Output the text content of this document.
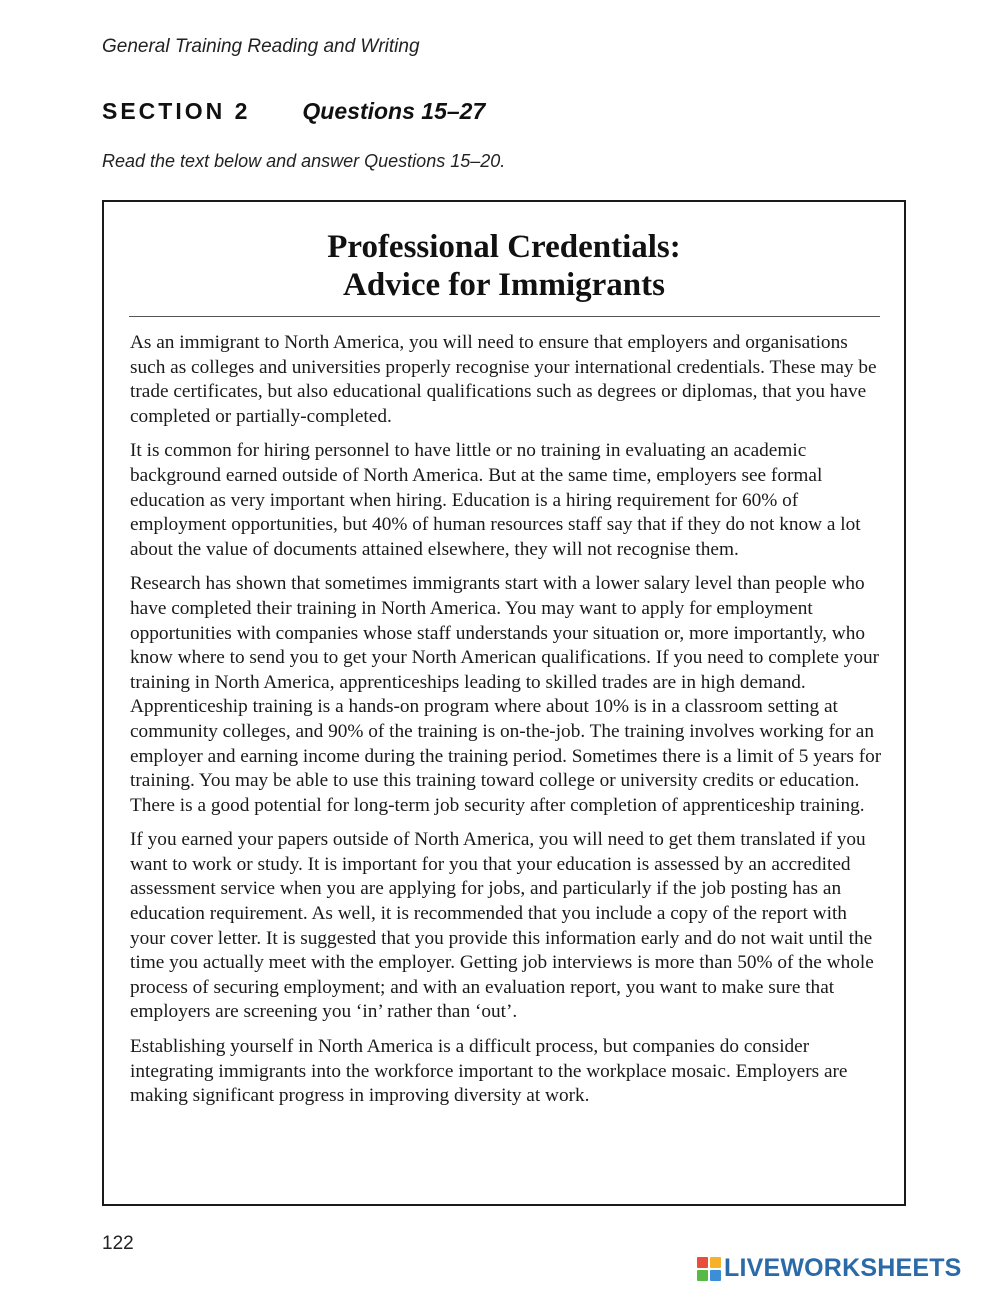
General Training Reading and Writing

SECTION 2 Questions 15–27

Read the text below and answer Questions 15–20.

Professional Credentials:
Advice for Immigrants

As an immigrant to North America, you will need to ensure that employers and organisations such as colleges and universities properly recognise your international credentials. These may be trade certificates, but also educational qualifications such as degrees or diplomas, that you have completed or partially-completed.

It is common for hiring personnel to have little or no training in evaluating an academic background earned outside of North America. But at the same time, employers see formal education as very important when hiring. Education is a hiring requirement for 60% of employment opportunities, but 40% of human resources staff say that if they do not know a lot about the value of documents attained elsewhere, they will not recognise them.

Research has shown that sometimes immigrants start with a lower salary level than people who have completed their training in North America. You may want to apply for employment opportunities with companies whose staff understands your situation or, more importantly, who know where to send you to get your North American qualifications. If you need to complete your training in North America, apprenticeships leading to skilled trades are in high demand. Apprenticeship training is a hands-on program where about 10% is in a classroom setting at community colleges, and 90% of the training is on-the-job. The training involves working for an employer and earning income during the training period. Sometimes there is a limit of 5 years for training. You may be able to use this training toward college or university credits or education. There is a good potential for long-term job security after completion of apprenticeship training.

If you earned your papers outside of North America, you will need to get them translated if you want to work or study. It is important for you that your education is assessed by an accredited assessment service when you are applying for jobs, and particularly if the job posting has an education requirement. As well, it is recommended that you include a copy of the report with your cover letter. It is suggested that you provide this information early and do not wait until the time you actually meet with the employer. Getting job interviews is more than 50% of the whole process of securing employment; and with an evaluation report, you want to make sure that employers are screening you ‘in’ rather than ‘out’.

Establishing yourself in North America is a difficult process, but companies do consider integrating immigrants into the workforce important to the workplace mosaic. Employers are making significant progress in improving diversity at work.

122

LIVEWORKSHEETS
